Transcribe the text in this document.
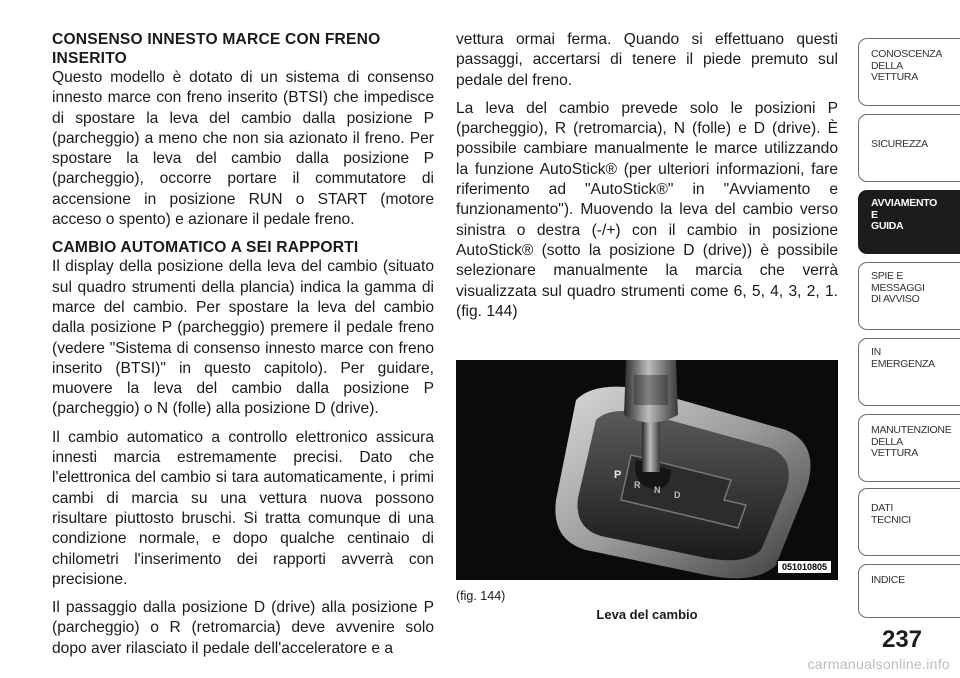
CONSENSO INNESTO MARCE CON FRENO INSERITO

Questo modello è dotato di un sistema di consenso innesto marce con freno inserito (BTSI) che impedisce di spostare la leva del cambio dalla posizione P (parcheggio) a meno che non sia azionato il freno. Per spostare la leva del cambio dalla posizione P (parcheggio), occorre portare il commutatore di accensione in posizione RUN o START (motore acceso o spento) e azionare il pedale freno.

CAMBIO AUTOMATICO A SEI RAPPORTI

Il display della posizione della leva del cambio (situato sul quadro strumenti della plancia) indica la gamma di marce del cambio. Per spostare la leva del cambio dalla posizione P (parcheggio) premere il pedale freno (vedere "Sistema di consenso innesto marce con freno inserito (BTSI)" in questo capitolo). Per guidare, muovere la leva del cambio dalla posizione P (parcheggio) o N (folle) alla posizione D (drive).

Il cambio automatico a controllo elettronico assicura innesti marcia estremamente precisi. Dato che l'elettronica del cambio si tara automaticamente, i primi cambi di marcia su una vettura nuova possono risultare piuttosto bruschi. Si tratta comunque di una condizione normale, e dopo qualche centinaio di chilometri l'inserimento dei rapporti avverrà con precisione.

Il passaggio dalla posizione D (drive) alla posizione P (parcheggio) o R (retromarcia) deve avvenire solo dopo aver rilasciato il pedale dell'acceleratore e a

vettura ormai ferma. Quando si effettuano questi passaggi, accertarsi di tenere il piede premuto sul pedale del freno.

La leva del cambio prevede solo le posizioni P (parcheggio), R (retromarcia), N (folle) e D (drive). È possibile cambiare manualmente le marce utilizzando la funzione AutoStick® (per ulteriori informazioni, fare riferimento ad "AutoStick®" in "Avviamento e funzionamento"). Muovendo la leva del cambio verso sinistra o destra (-/+) con il cambio in posizione AutoStick® (sotto la posizione D (drive)) è possibile selezionare manualmente la marcia che verrà visualizzata sul quadro strumenti come 6, 5, 4, 3, 2, 1. (fig. 144)

P
R N D
051010805
(fig. 144)
Leva del cambio
CONOSCENZA
DELLA
VETTURA
SICUREZZA
AVVIAMENTO
E
GUIDA
SPIE E
MESSAGGI
DI AVVISO
IN
EMERGENZA
MANUTENZIONE
DELLA
VETTURA
DATI
TECNICI
INDICE
237
carmanualsonline.info
